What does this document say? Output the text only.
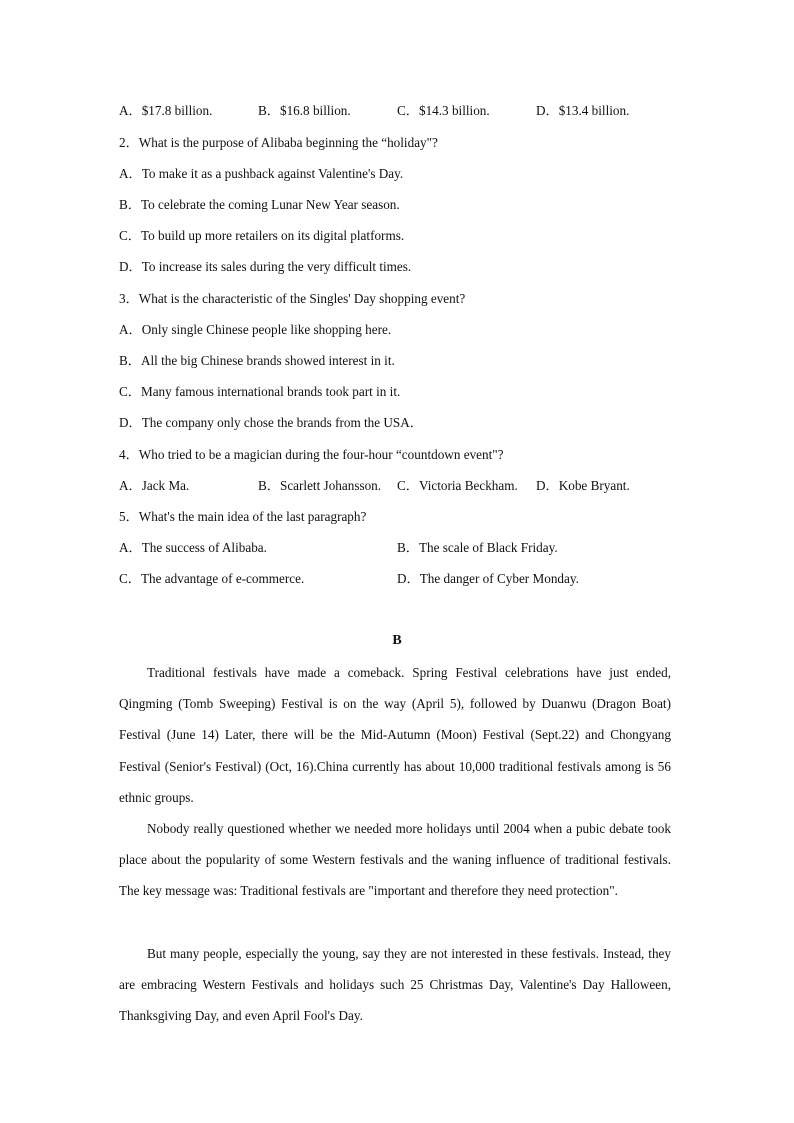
A．$17.8 billion.	B．$16.8 billion.	C．$14.3 billion.	D．$13.4 billion.
2．What is the purpose of Alibaba beginning the “holiday"?
A．To make it as a pushback against Valentine's Day.
B．To celebrate the coming Lunar New Year season.
C．To build up more retailers on its digital platforms.
D．To increase its sales during the very difficult times.
3．What is the characteristic of the Singles' Day shopping event?
A．Only single Chinese people like shopping here.
B．All the big Chinese brands showed interest in it.
C．Many famous international brands took part in it.
D．The company only chose the brands from the USA．
4．Who tried to be a magician during the four-hour “countdown event"?
A．Jack Ma.	B．Scarlett Johansson. C．Victoria Beckham. D．Kobe Bryant.
5．What's the main idea of the last paragraph?
A．The success of Alibaba.	B．The scale of Black Friday.
C．The advantage of e-commerce.	D．The danger of Cyber Monday.
B
Traditional festivals have made a comeback. Spring Festival celebrations have just ended, Qingming (Tomb Sweeping) Festival is on the way (April 5), followed by Duanwu (Dragon Boat) Festival (June 14) Later, there will be the Mid-Autumn (Moon) Festival (Sept.22) and Chongyang Festival (Senior's Festival) (Oct, 16).China currently has about 10,000 traditional festivals among is 56 ethnic groups.
Nobody really questioned whether we needed more holidays until 2004 when a pubic debate took place about the popularity of some Western festivals and the waning influence of traditional festivals. The key message was: Traditional festivals are "important and therefore they need protection".
But many people, especially the young, say they are not interested in these festivals. Instead, they are embracing Western Festivals and holidays such 25 Christmas Day, Valentine's Day Halloween, Thanksgiving Day, and even April Fool's Day.
